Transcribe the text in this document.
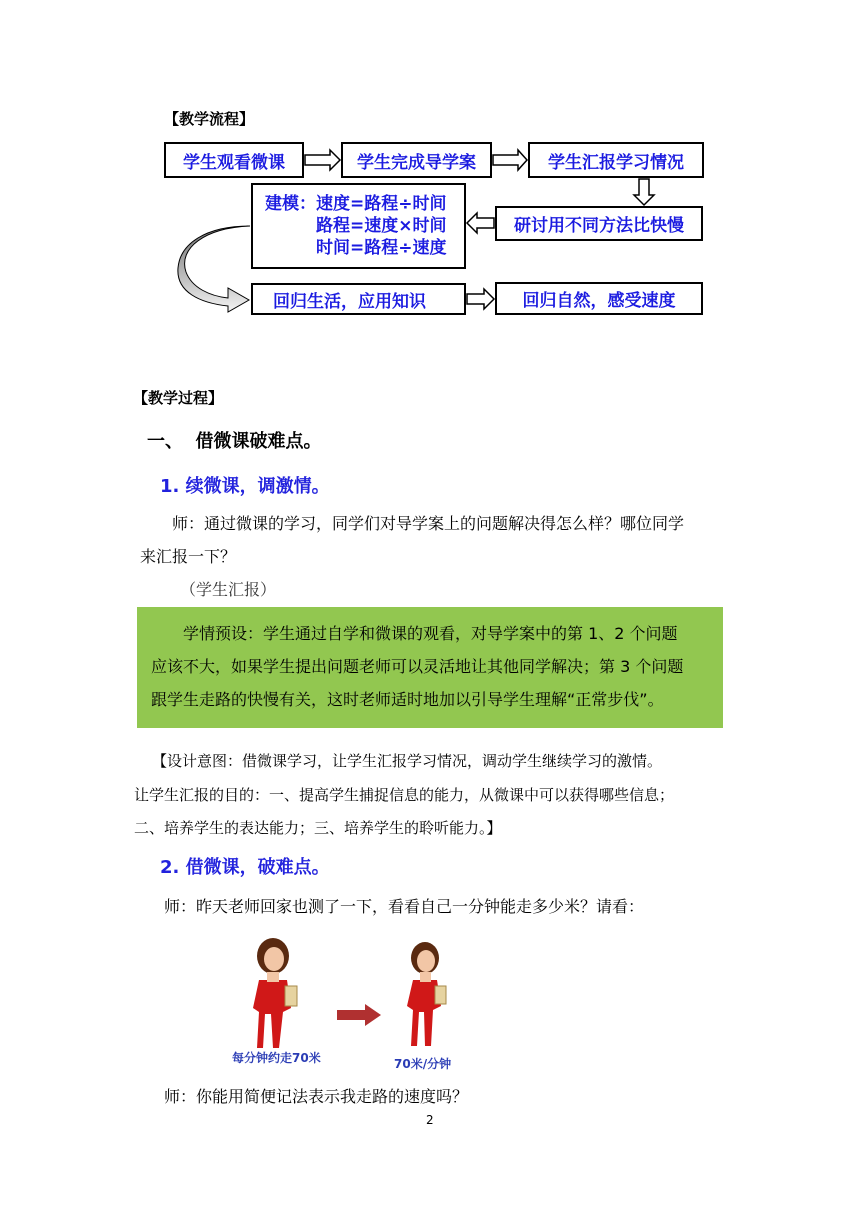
【教学流程】
学生观看微课	学生完成导学案	学生汇报学习情况
研讨用不同方法比快慢
建模：速度=路程÷时间
路程=速度×时间
时间=路程÷速度
回归生活，应用知识	回归自然，感受速度
【教学过程】
一、  借微课破难点。
1. 续微课，调激情。
师：通过微课的学习，同学们对导学案上的问题解决得怎么样？哪位同学
来汇报一下？
（学生汇报）
学情预设：学生通过自学和微课的观看，对导学案中的第 1、2 个问题
应该不大，如果学生提出问题老师可以灵活地让其他同学解决；第 3 个问题
跟学生走路的快慢有关，这时老师适时地加以引导学生理解“正常步伐”。
【设计意图：借微课学习，让学生汇报学习情况，调动学生继续学习的激情。
让学生汇报的目的：一、提高学生捕捉信息的能力，从微课中可以获得哪些信息；
二、培养学生的表达能力；三、培养学生的聆听能力。】
2. 借微课，破难点。
师：昨天老师回家也测了一下，看看自己一分钟能走多少米？请看：
每分钟约走70米	70米/分钟
师：你能用简便记法表示我走路的速度吗？
2
